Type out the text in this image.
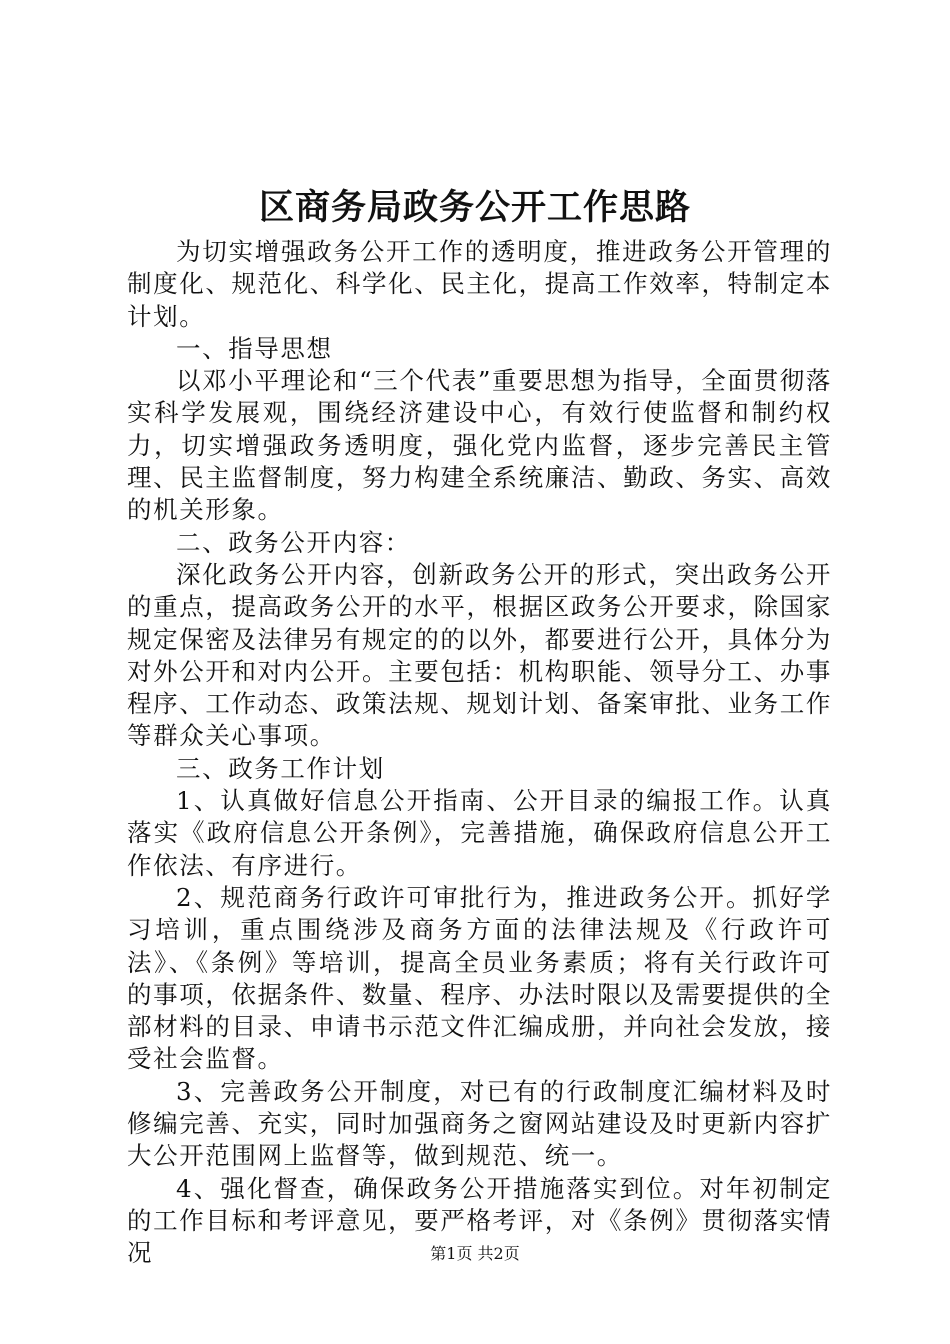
区商务局政务公开工作思路

为切实增强政务公开工作的透明度，推进政务公开管理的制度化、规范化、科学化、民主化，提高工作效率，特制定本计划。

一、指导思想

以邓小平理论和“三个代表”重要思想为指导，全面贯彻落实科学发展观，围绕经济建设中心，有效行使监督和制约权力，切实增强政务透明度，强化党内监督，逐步完善民主管理、民主监督制度，努力构建全系统廉洁、勤政、务实、高效的机关形象。

二、政务公开内容：

深化政务公开内容，创新政务公开的形式，突出政务公开的重点，提高政务公开的水平，根据区政务公开要求，除国家规定保密及法律另有规定的的以外，都要进行公开，具体分为对外公开和对内公开。主要包括：机构职能、领导分工、办事程序、工作动态、政策法规、规划计划、备案审批、业务工作等群众关心事项。

三、政务工作计划

1、认真做好信息公开指南、公开目录的编报工作。认真落实《政府信息公开条例》，完善措施，确保政府信息公开工作依法、有序进行。

2、规范商务行政许可审批行为，推进政务公开。抓好学习培训，重点围绕涉及商务方面的法律法规及《行政许可法》、《条例》等培训，提高全员业务素质；将有关行政许可的事项，依据条件、数量、程序、办法时限以及需要提供的全部材料的目录、申请书示范文件汇编成册，并向社会发放，接受社会监督。

3、完善政务公开制度，对已有的行政制度汇编材料及时修编完善、充实，同时加强商务之窗网站建设及时更新内容扩大公开范围网上监督等，做到规范、统一。

4、强化督查，确保政务公开措施落实到位。对年初制定的工作目标和考评意见，要严格考评，对《条例》贯彻落实情况	第1页 共2页
